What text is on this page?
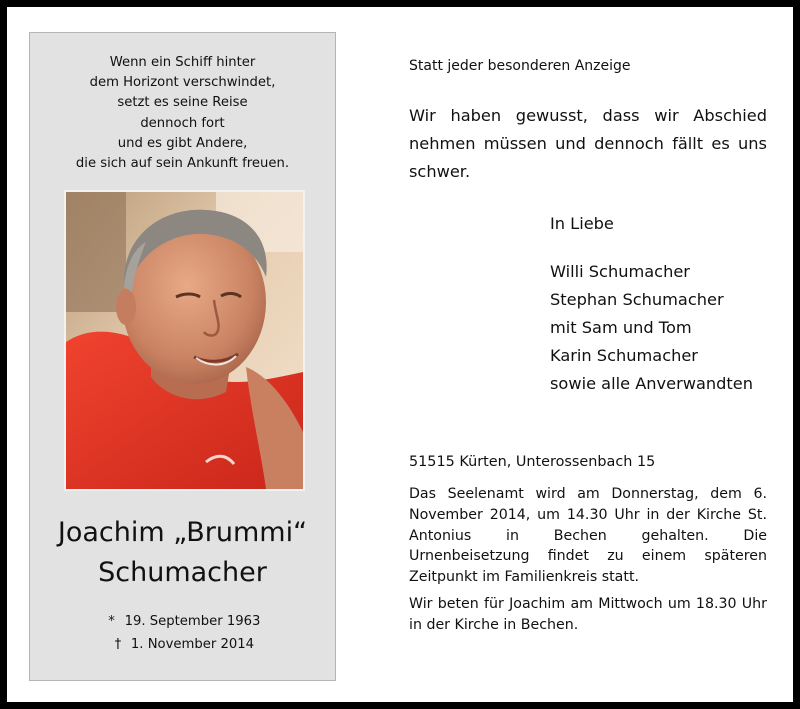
Wenn ein Schiff hinter
dem Horizont verschwindet,
setzt es seine Reise
dennoch fort
und es gibt Andere,
die sich auf sein Ankunft freuen.
Joachim „Brummi“
Schumacher
* 19. September 1963
† 1. November 2014
Statt jeder besonderen Anzeige
Wir haben gewusst, dass wir Abschied nehmen müssen und dennoch fällt es uns schwer.
In Liebe
Willi Schumacher
Stephan Schumacher
mit Sam und Tom
Karin Schumacher
sowie alle Anverwandten
51515 Kürten, Unterossenbach 15

Das Seelenamt wird am Donnerstag, dem 6. November 2014, um 14.30 Uhr in der Kirche St. Antonius in Bechen gehalten. Die Urnenbeisetzung findet zu einem späteren Zeitpunkt im Familienkreis statt.

Wir beten für Joachim am Mittwoch um 18.30 Uhr in der Kirche in Bechen.
